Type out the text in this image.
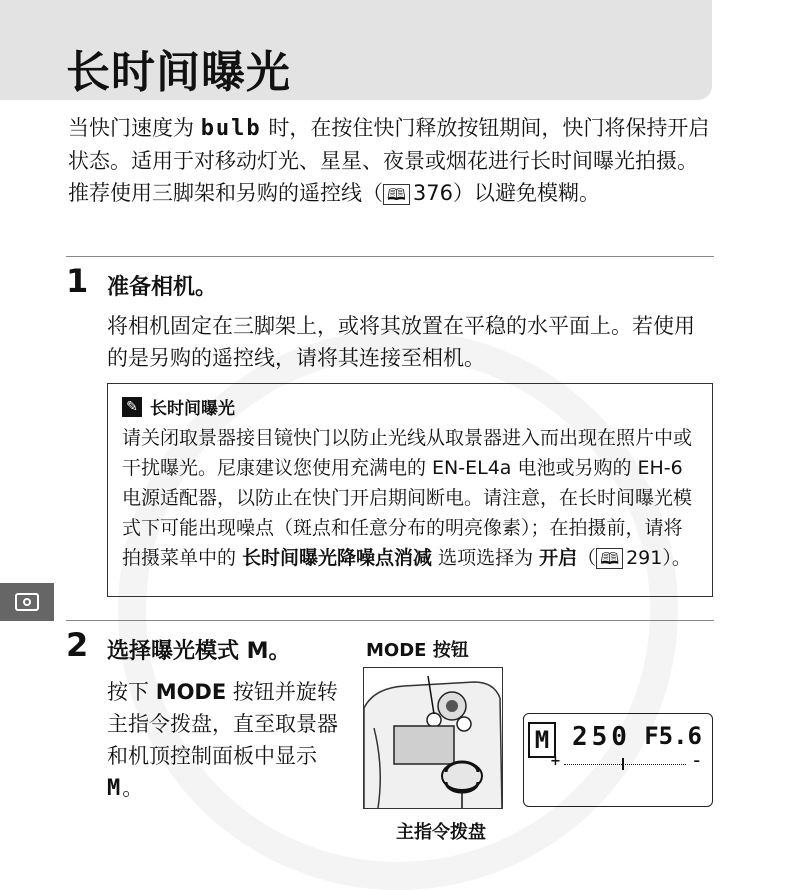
长时间曝光
当快门速度为 bulb 时，在按住快门释放按钮期间，快门将保持开启状态。适用于对移动灯光、星星、夜景或烟花进行长时间曝光拍摄。推荐使用三脚架和另购的遥控线（ 🕮 376）以避免模糊。
1 准备相机。
将相机固定在三脚架上，或将其放置在平稳的水平面上。若使用的是另购的遥控线，请将其连接至相机。
✎ 长时间曝光
请关闭取景器接目镜快门以防止光线从取景器进入而出现在照片中或干扰曝光。尼康建议您使用充满电的 EN-EL4a 电池或另购的 EH-6 电源适配器，以防止在快门开启期间断电。请注意，在长时间曝光模式下可能出现噪点（斑点和任意分布的明亮像素）；在拍摄前，请将拍摄菜单中的 长时间曝光降噪点消减 选项选择为 开启（ 🕮 291）。
2 选择曝光模式 M。
按下 MODE 按钮并旋转主指令拨盘，直至取景器和机顶控制面板中显示 M。
MODE 按钮
主指令拨盘
M 250 F5.6
+	–
